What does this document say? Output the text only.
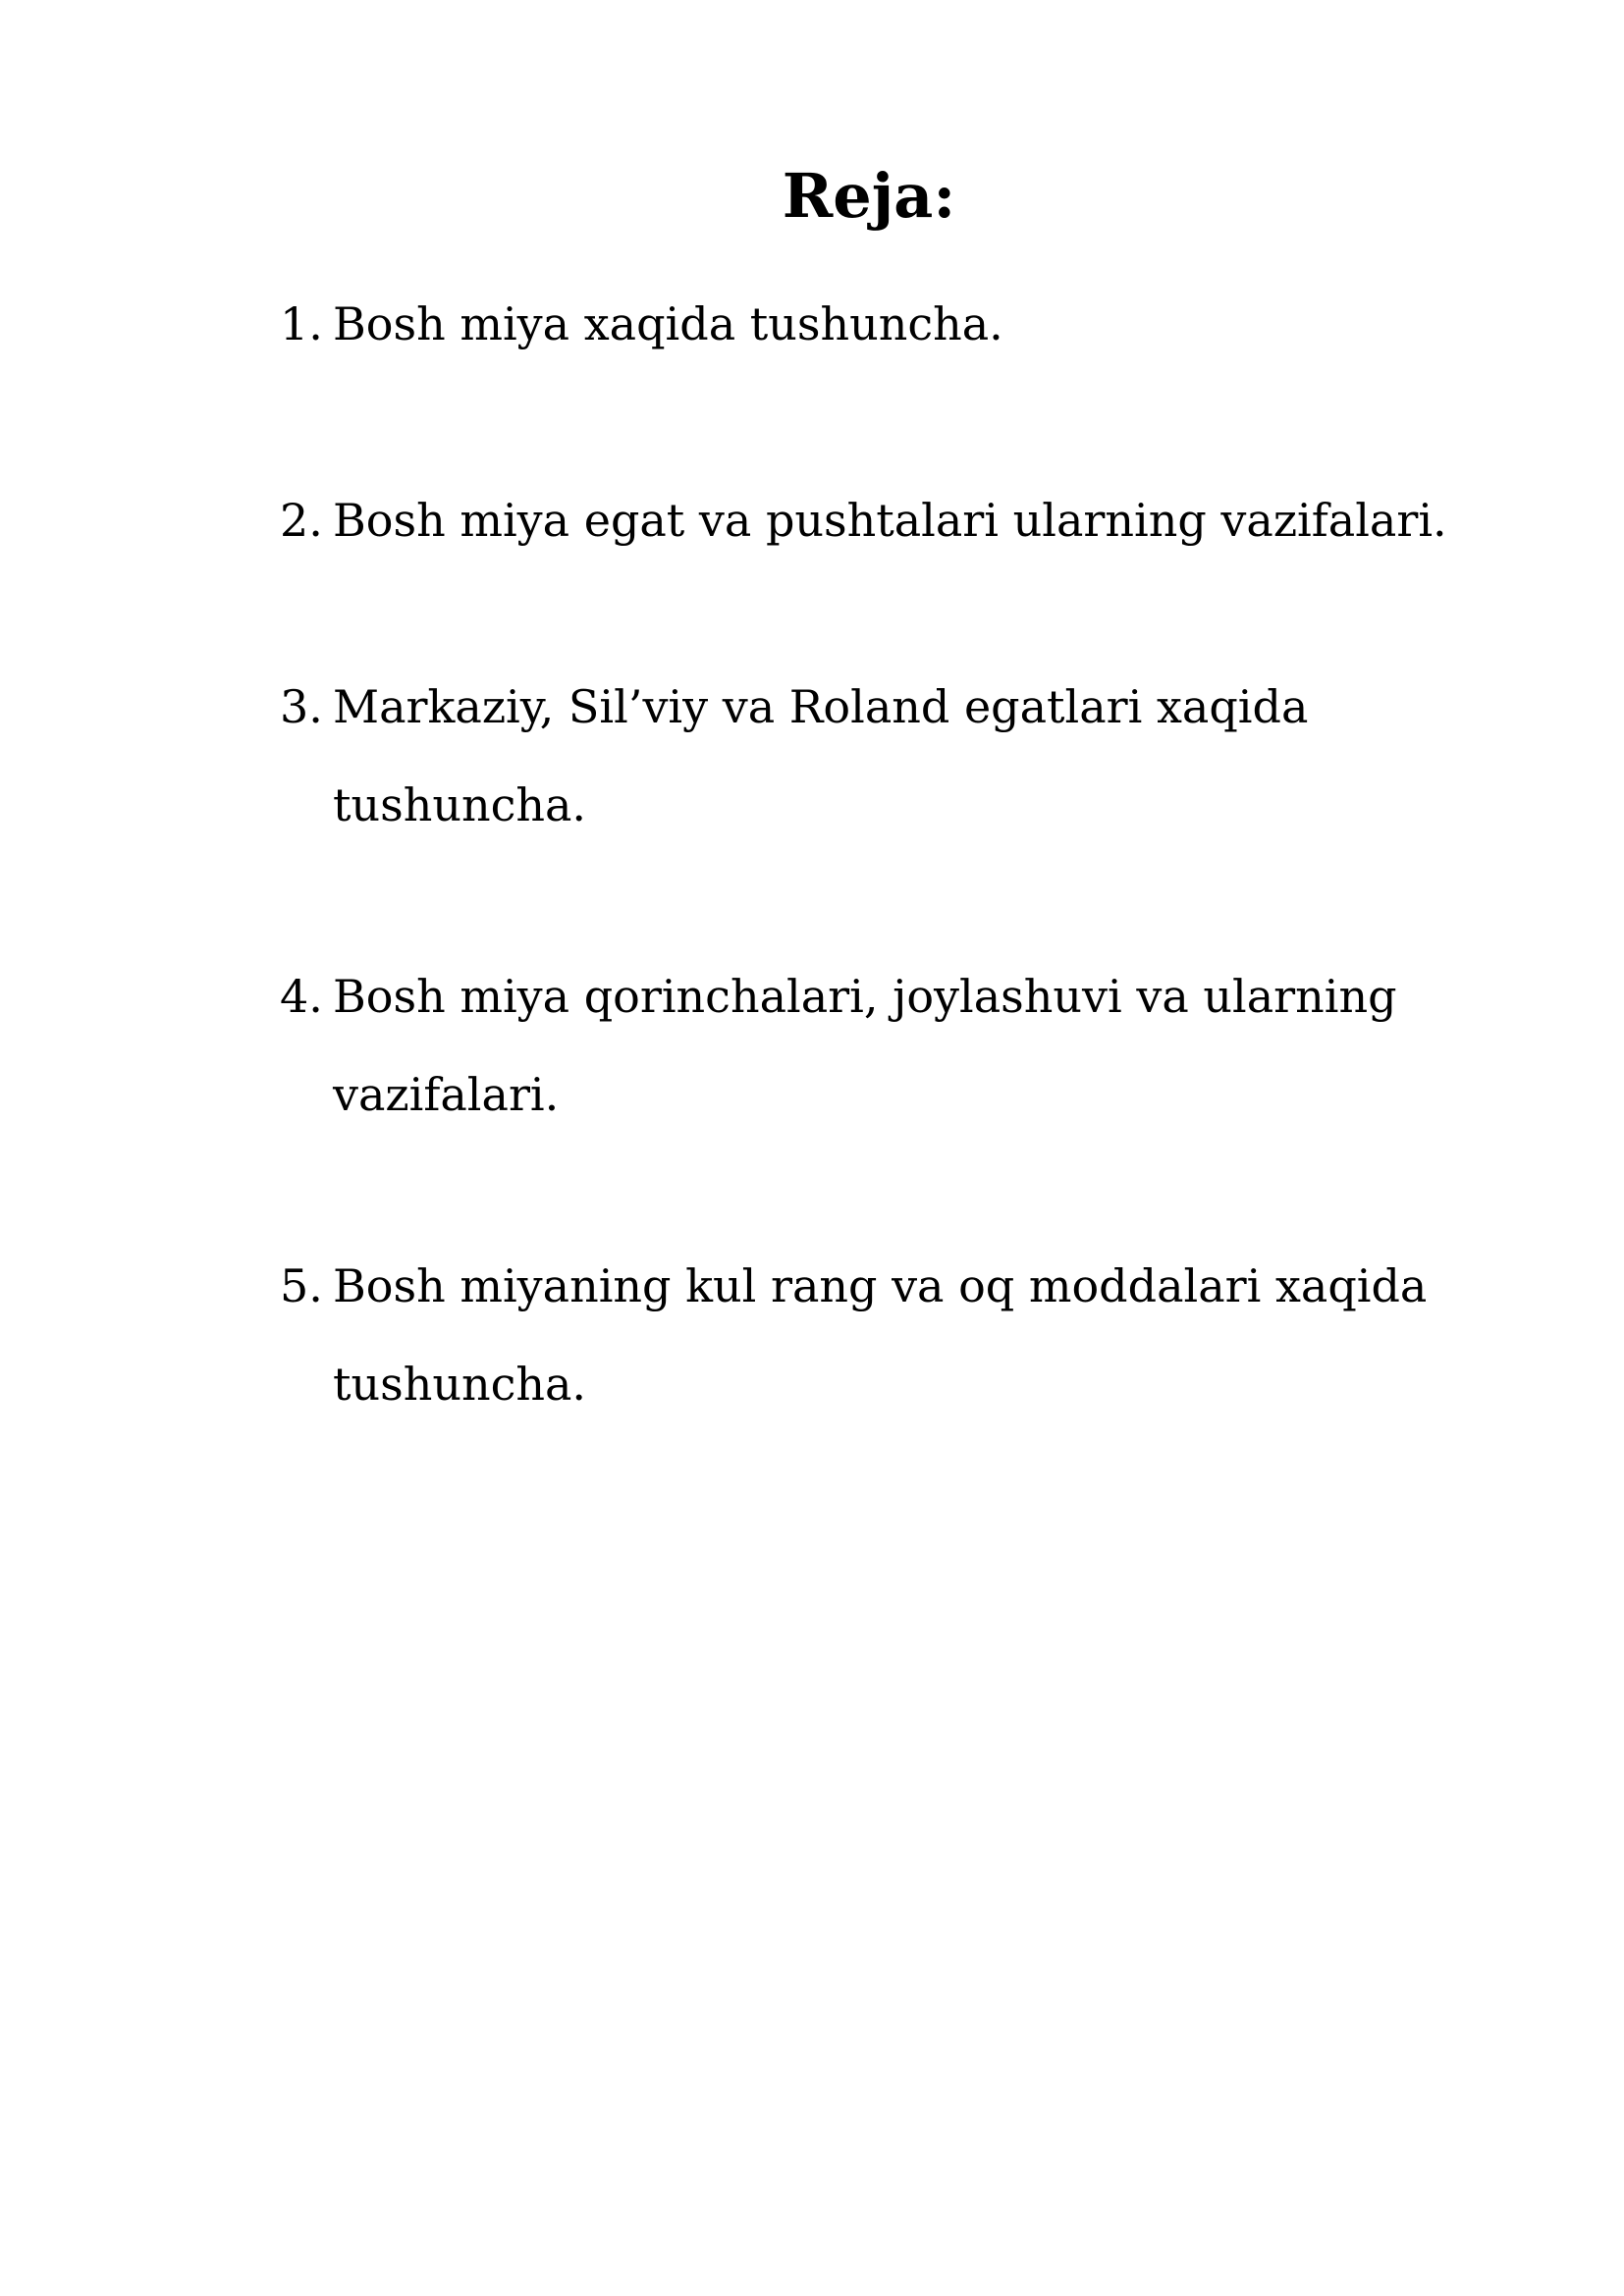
Reja:
1. Bosh miya xaqida tushuncha.
2. Bosh miya egat va pushtalari ularning vazifalari.
3. Markaziy, Sil’viy va Roland egatlari xaqida tushuncha.
4. Bosh miya qorinchalari, joylashuvi va ularning vazifalari.
5. Bosh miyaning kul rang va oq moddalari xaqida tushuncha.
